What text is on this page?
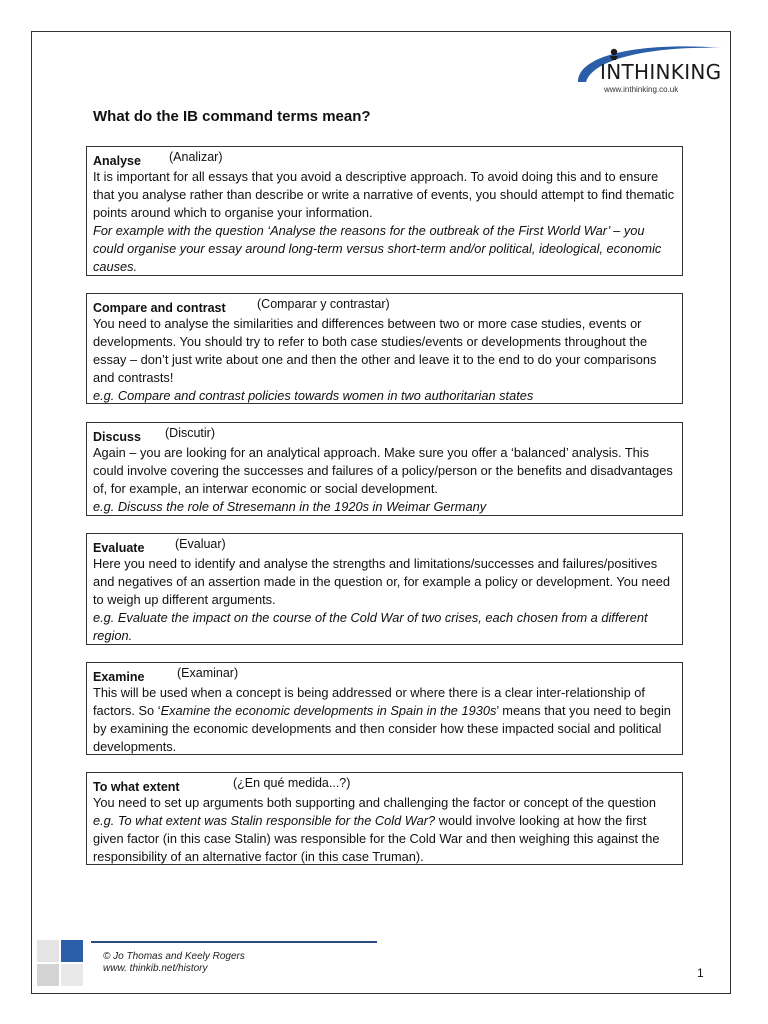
INTHINKING
www.inthinking.co.uk
What do the IB command terms mean?
Analyse (Analizar)

It is important for all essays that you avoid a descriptive approach. To avoid doing this and to ensure that you analyse rather than describe or write a narrative of events, you should attempt to find thematic points around which to organise your information.

For example with the question ‘Analyse the reasons for the outbreak of the First World War’ – you could organise your essay around long-term versus short-term and/or political, ideological, economic causes.

Compare and contrast	(Comparar y contrastar)

You need to analyse the similarities and differences between two or more case studies, events or developments. You should try to refer to both case studies/events or developments throughout the essay – don’t just write about one and then the other and leave it to the end to do your comparisons and contrasts!

e.g. Compare and contrast policies towards women in two authoritarian states

Discuss (Discutir)

Again – you are looking for an analytical approach. Make sure you offer a ‘balanced’ analysis. This could involve covering the successes and failures of a policy/person or the benefits and disadvantages of, for example, an interwar economic or social development.

e.g. Discuss the role of Stresemann in the 1920s in Weimar Germany

Evaluate (Evaluar)

Here you need to identify and analyse the strengths and limitations/successes and failures/positives and negatives of an assertion made in the question or, for example a policy or development. You need to weigh up different arguments.

e.g. Evaluate the impact on the course of the Cold War of two crises, each chosen from a different region.

Examine	(Examinar)

This will be used when a concept is being addressed or where there is a clear inter-relationship of factors. So ‘Examine the economic developments in Spain in the 1930s’ means that you need to begin by examining the economic developments and then consider how these impacted social and political developments.

To what extent	(¿En qué medida...?)

You need to set up arguments both supporting and challenging the factor or concept of the question e.g. To what extent was Stalin responsible for the Cold War? would involve looking at how the first given factor (in this case Stalin) was responsible for the Cold War and then weighing this against the responsibility of an alternative factor (in this case Truman).

© Jo Thomas and Keely Rogers
www. thinkib.net/history	1
